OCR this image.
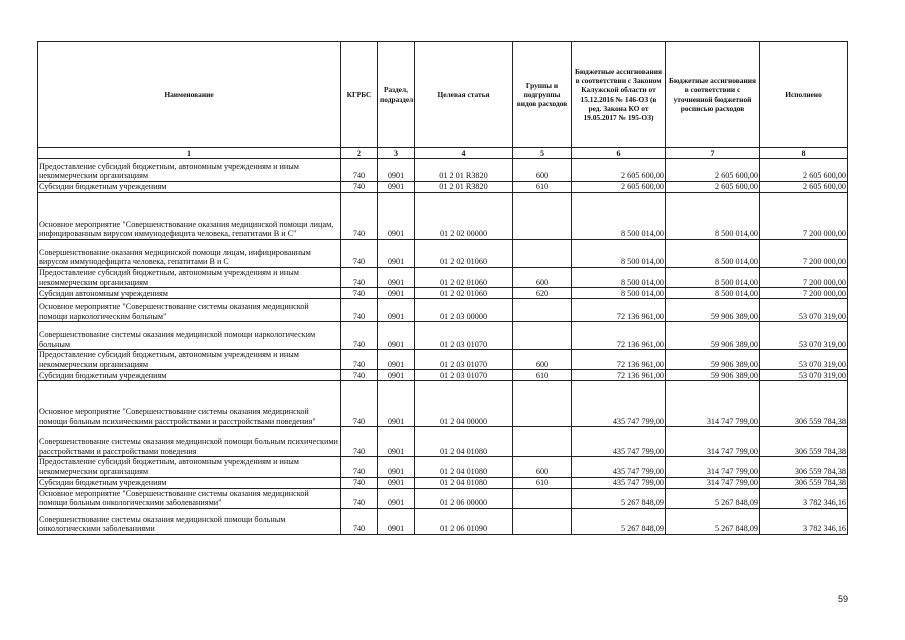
Наименование	КГРБС	Раздел, подраздел	Целевая статья	Группы и подгруппы видов расходов	Бюджетные ассигнования в соответствии с Законом Калужской области от 15.12.2016 № 146-ОЗ (в ред. Закона КО от 19.05.2017 № 195-ОЗ)	Бюджетные ассигнования в соответствии с уточненной бюджетной росписью расходов	Исполнено
1	2	3	4	5	6	7	8
Предоставление субсидий бюджетным, автономным учреждениям и иным некоммерческим организациям	740	0901	01 2 01 R3820	600	2 605 600,00	2 605 600,00	2 605 600,00
Субсидии бюджетным учреждениям	740	0901	01 2 01 R3820	610	2 605 600,00	2 605 600,00	2 605 600,00
Основное мероприятие "Совершенствование оказания медицинской помощи лицам, инфицированным вирусом иммунодефицита человека, гепатитами В и С"	740	0901	01 2 02 00000		8 500 014,00	8 500 014,00	7 200 000,00
Совершенствование оказания медицинской помощи лицам, инфицированным вирусом иммунодефицита человека, гепатитами В и С	740	0901	01 2 02 01060		8 500 014,00	8 500 014,00	7 200 000,00
Предоставление субсидий бюджетным, автономным учреждениям и иным некоммерческим организациям	740	0901	01 2 02 01060	600	8 500 014,00	8 500 014,00	7 200 000,00
Субсидии автономным учреждениям	740	0901	01 2 02 01060	620	8 500 014,00	8 500 014,00	7 200 000,00
Основное мероприятие "Совершенствование системы оказания медицинской помощи наркологическим больным"	740	0901	01 2 03 00000		72 136 961,00	59 906 389,00	53 070 319,00
Совершенствование системы оказания медицинской помощи наркологическим больным	740	0901	01 2 03 01070		72 136 961,00	59 906 389,00	53 070 319,00
Предоставление субсидий бюджетным, автономным учреждениям и иным некоммерческим организациям	740	0901	01 2 03 01070	600	72 136 961,00	59 906 389,00	53 070 319,00
Субсидии бюджетным учреждениям	740	0901	01 2 03 01070	610	72 136 961,00	59 906 389,00	53 070 319,00
Основное мероприятие "Совершенствование системы оказания медицинской помощи больным психическими расстройствами и расстройствами поведения"	740	0901	01 2 04 00000		435 747 799,00	314 747 799,00	306 559 784,38
Совершенствование системы оказания медицинской помощи больным психическими расстройствами и расстройствами поведения	740	0901	01 2 04 01080		435 747 799,00	314 747 799,00	306 559 784,38
Предоставление субсидий бюджетным, автономным учреждениям и иным некоммерческим организациям	740	0901	01 2 04 01080	600	435 747 799,00	314 747 799,00	306 559 784,38
Субсидии бюджетным учреждениям	740	0901	01 2 04 01080	610	435 747 799,00	314 747 799,00	306 559 784,38
Основное мероприятие "Совершенствование системы оказания медицинской помощи больным онкологическими заболеваниями"	740	0901	01 2 06 00000		5 267 848,09	5 267 848,09	3 782 346,16
Совершенствование системы оказания медицинской помощи больным онкологическими заболеваниями	740	0901	01 2 06 01090		5 267 848,09	5 267 848,09	3 782 346,16
59
